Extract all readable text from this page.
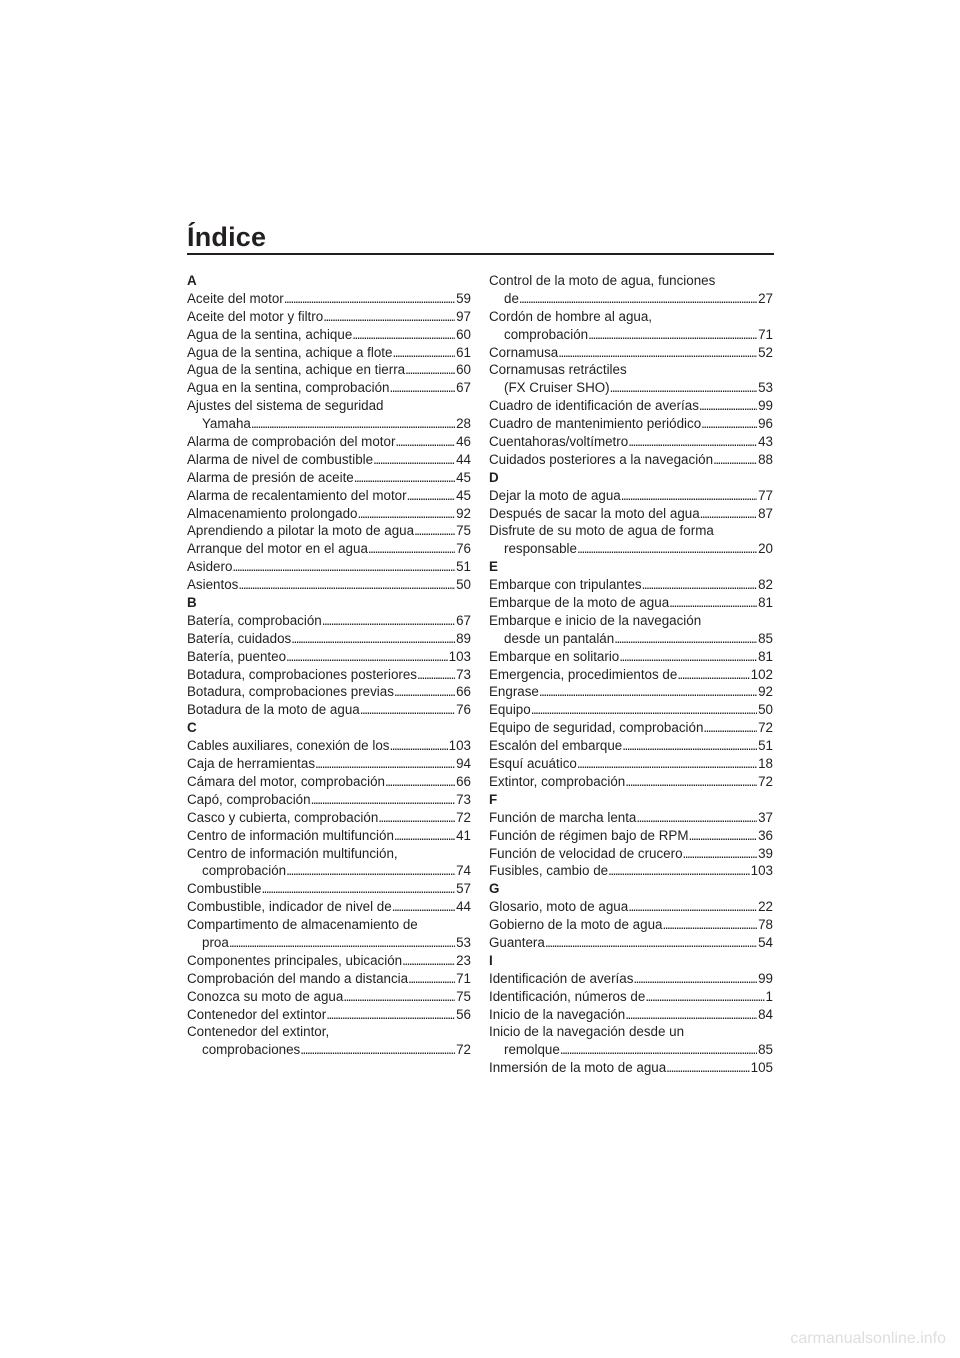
Índice
A
Aceite del motor . . .	59
Aceite del motor y filtro . . .	97
Agua de la sentina, achique . . .	60
Agua de la sentina, achique a flote . . .	61
Agua de la sentina, achique en tierra . . .	60
Agua en la sentina, comprobación . . .	67
Ajustes del sistema de seguridad
Yamaha . . .	28
Alarma de comprobación del motor . . .	46
Alarma de nivel de combustible . . .	44
Alarma de presión de aceite . . .	45
Alarma de recalentamiento del motor . . .	45
Almacenamiento prolongado . . .	92
Aprendiendo a pilotar la moto de agua . . .	75
Arranque del motor en el agua . . .	76
Asidero . . .	51
Asientos . . .	50
B
Batería, comprobación . . .	67
Batería, cuidados . . .	89
Batería, puenteo . . .	103
Botadura, comprobaciones posteriores . . .	73
Botadura, comprobaciones previas . . .	66
Botadura de la moto de agua . . .	76
C
Cables auxiliares, conexión de los . . .	103
Caja de herramientas . . .	94
Cámara del motor, comprobación . . .	66
Capó, comprobación . . .	73
Casco y cubierta, comprobación . . .	72
Centro de información multifunción . . .	41
Centro de información multifunción,
comprobación . . .	74
Combustible . . .	57
Combustible, indicador de nivel de . . .	44
Compartimento de almacenamiento de
proa . . .	53
Componentes principales, ubicación . . .	23
Comprobación del mando a distancia . . .	71
Conozca su moto de agua . . .	75
Contenedor del extintor . . .	56
Contenedor del extintor,
comprobaciones . . .	72
Control de la moto de agua, funciones
de . . .	27
Cordón de hombre al agua,
comprobación . . .	71
Cornamusa . . .	52
Cornamusas retráctiles
(FX Cruiser SHO) . . .	53
Cuadro de identificación de averías . . .	99
Cuadro de mantenimiento periódico . . .	96
Cuentahoras/voltímetro . . .	43
Cuidados posteriores a la navegación . . .	88
D
Dejar la moto de agua . . .	77
Después de sacar la moto del agua . . .	87
Disfrute de su moto de agua de forma
responsable . . .	20
E
Embarque con tripulantes . . .	82
Embarque de la moto de agua . . .	81
Embarque e inicio de la navegación
desde un pantalán . . .	85
Embarque en solitario . . .	81
Emergencia, procedimientos de . . .	102
Engrase . . .	92
Equipo . . .	50
Equipo de seguridad, comprobación . . .	72
Escalón del embarque . . .	51
Esquí acuático . . .	18
Extintor, comprobación . . .	72
F
Función de marcha lenta . . .	37
Función de régimen bajo de RPM . . .	36
Función de velocidad de crucero . . .	39
Fusibles, cambio de . . .	103
G
Glosario, moto de agua . . .	22
Gobierno de la moto de agua . . .	78
Guantera . . .	54
I
Identificación de averías . . .	99
Identificación, números de . . .	1
Inicio de la navegación . . .	84
Inicio de la navegación desde un
remolque . . .	85
Inmersión de la moto de agua . . .	105
carmanualsonline.info
